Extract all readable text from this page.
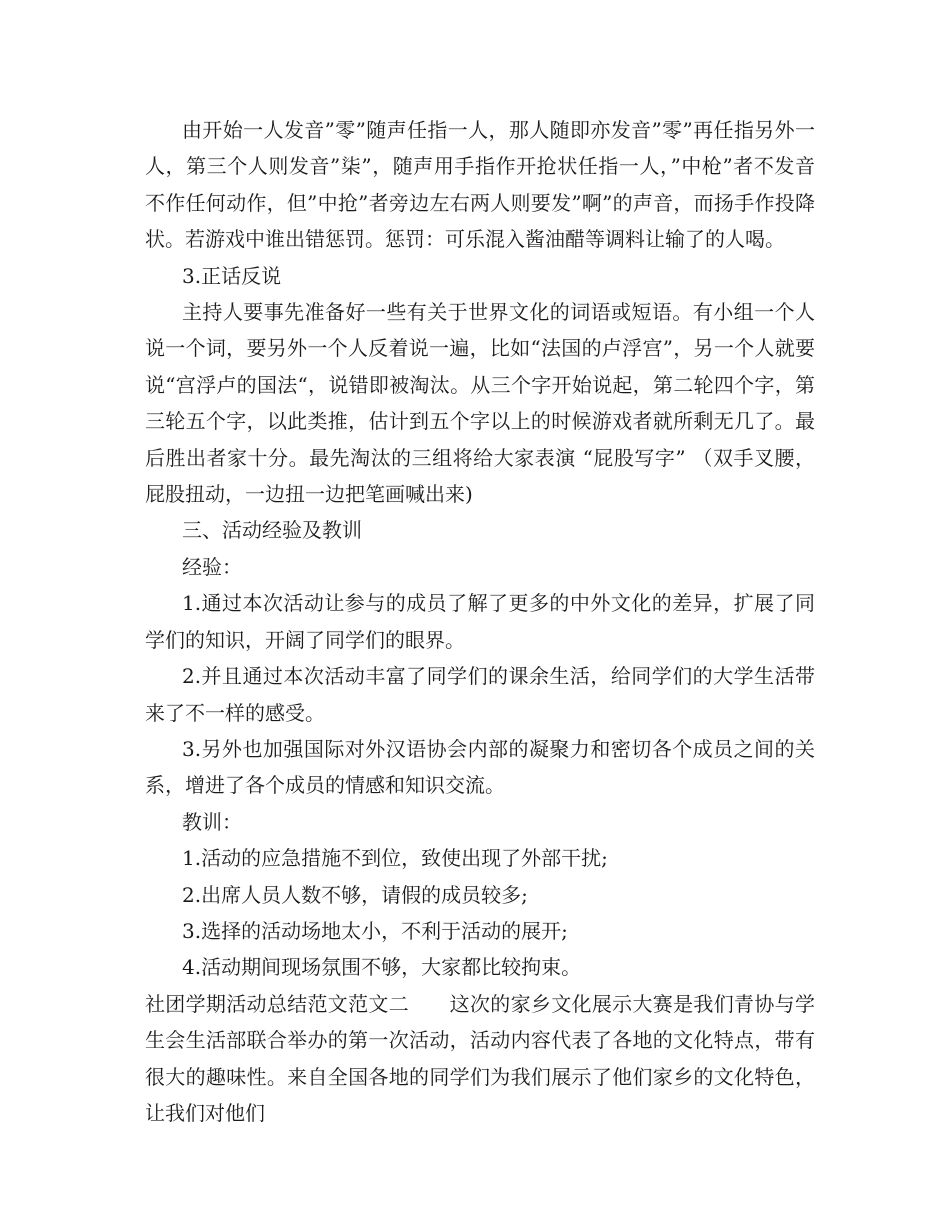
由开始一人发音”零”随声任指一人，那人随即亦发音”零”再任指另外一人，第三个人则发音”柒”，随声用手指作开抢状任指一人，”中枪”者不发音不作任何动作，但”中抢”者旁边左右两人则要发”啊”的声音，而扬手作投降状。若游戏中谁出错惩罚。惩罚：可乐混入酱油醋等调料让输了的人喝。

3.正话反说

主持人要事先准备好一些有关于世界文化的词语或短语。有小组一个人说一个词，要另外一个人反着说一遍，比如“法国的卢浮宫”，另一个人就要说“宫浮卢的国法“，说错即被淘汰。从三个字开始说起，第二轮四个字，第三轮五个字，以此类推，估计到五个字以上的时候游戏者就所剩无几了。最后胜出者家十分。最先淘汰的三组将给大家表演 “屁股写字” （双手叉腰，屁股扭动，一边扭一边把笔画喊出来)

三、活动经验及教训

经验：

1.通过本次活动让参与的成员了解了更多的中外文化的差异，扩展了同学们的知识，开阔了同学们的眼界。

2.并且通过本次活动丰富了同学们的课余生活，给同学们的大学生活带来了不一样的感受。

3.另外也加强国际对外汉语协会内部的凝聚力和密切各个成员之间的关系，增进了各个成员的情感和知识交流。

教训：

1.活动的应急措施不到位，致使出现了外部干扰;

2.出席人员人数不够，请假的成员较多;

3.选择的活动场地太小，不利于活动的展开;

4.活动期间现场氛围不够，大家都比较拘束。

社团学期活动总结范文范文二　　这次的家乡文化展示大赛是我们青协与学生会生活部联合举办的第一次活动，活动内容代表了各地的文化特点，带有很大的趣味性。来自全国各地的同学们为我们展示了他们家乡的文化特色，让我们对他们
